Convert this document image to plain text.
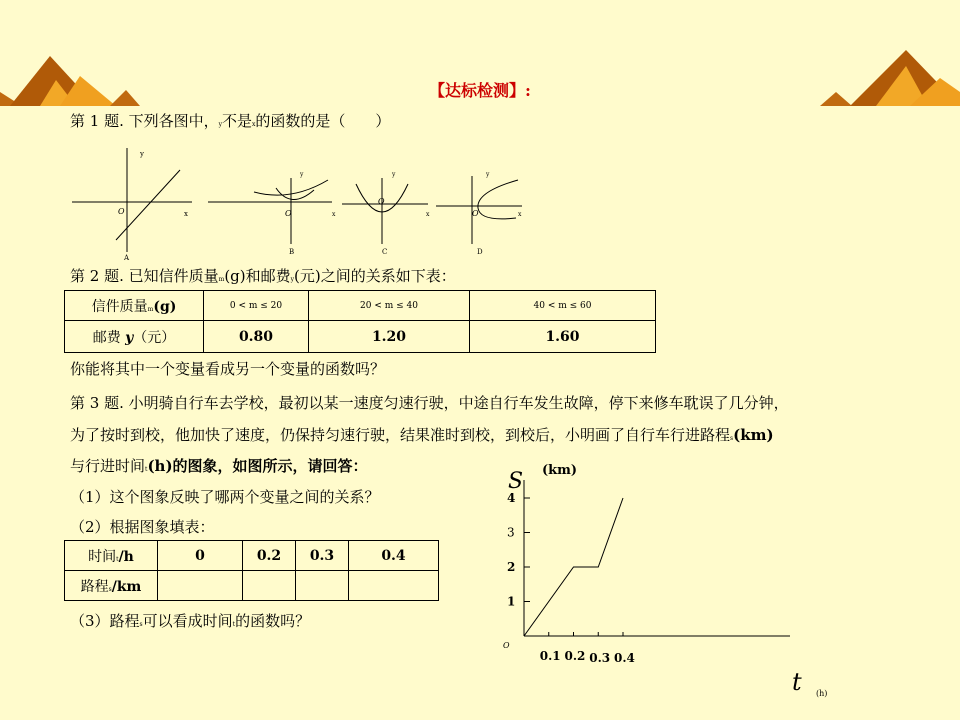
【达标检测】:
第 1 题. 下列各图中，y不是x的函数的是（　　）
y
x
O
A
y
x
O
B
y
x
O
C
y
x
O
D
第 2 题. 已知信件质量m(g)和邮费y(元)之间的关系如下表：
信件质量m(g)	0 < m ≤ 20	20 < m ≤ 40	40 < m ≤ 60
邮费 y（元）	0.80	1.20	1.60
你能将其中一个变量看成另一个变量的函数吗？
第 3 题. 小明骑自行车去学校，最初以某一速度匀速行驶，中途自行车发生故障，停下来修车耽误了几分钟，
为了按时到校，他加快了速度，仍保持匀速行驶，结果准时到校，到校后，小明画了自行车行进路程s(km)
与行进时间t(h)的图象，如图所示，请回答：
（1）这个图象反映了哪两个变量之间的关系？
（2）根据图象填表：
时间t/h	0	0.2	0.3	0.4
路程s/km				
（3）路程s可以看成时间t的函数吗？
S (km)
O
t (h)
0.1 0.2 0.3 0.4
1
2
3
4
